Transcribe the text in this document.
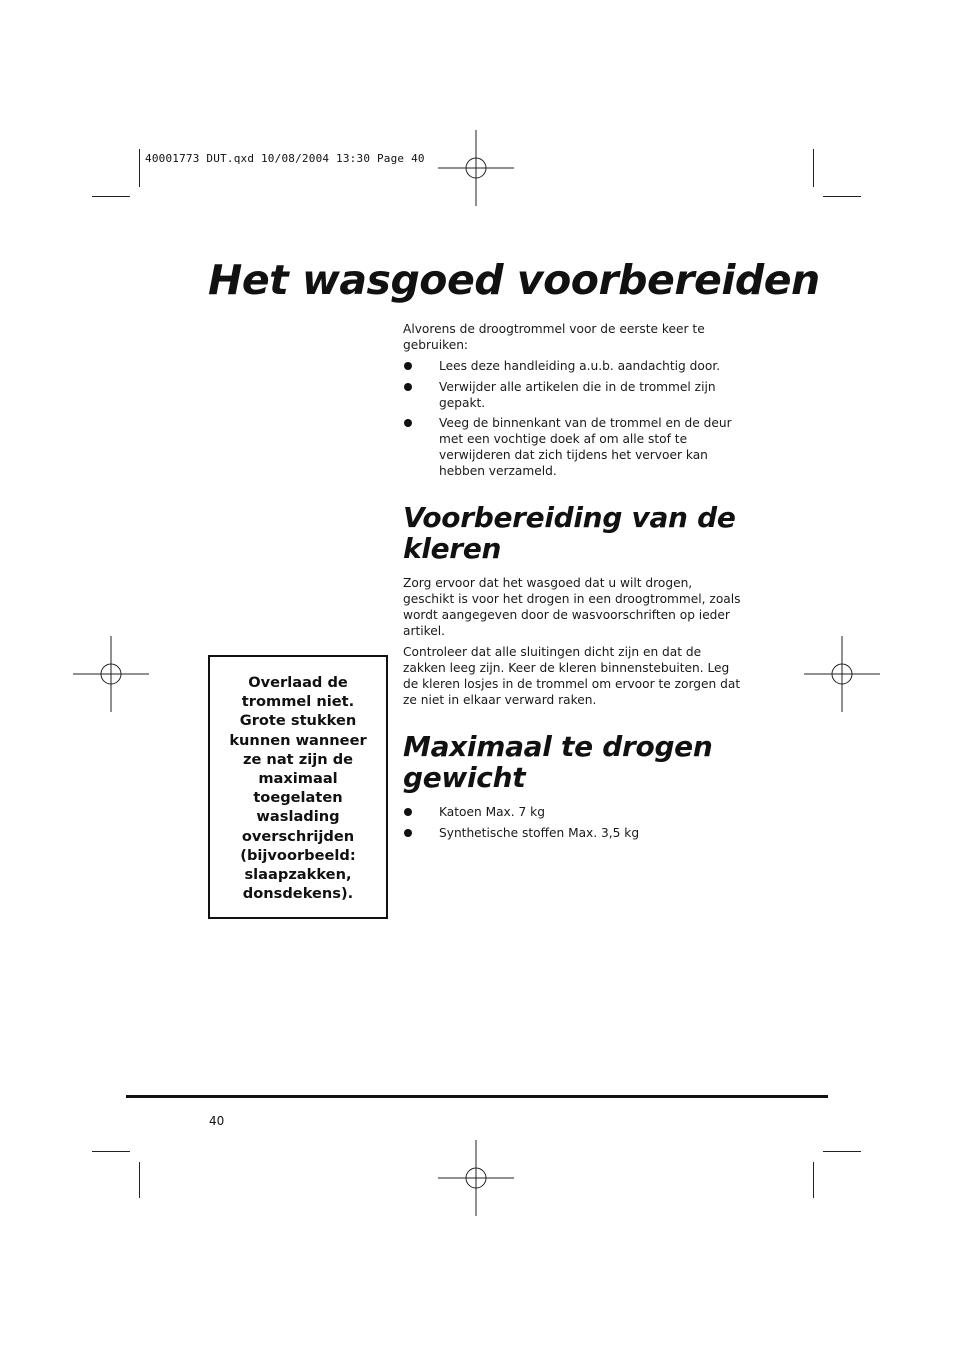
40001773 DUT.qxd 10/08/2004 13:30 Page 40
Het wasgoed voorbereiden

Alvorens de droogtrommel voor de eerste keer te gebruiken:

Lees deze handleiding a.u.b. aandachtig door.
Verwijder alle artikelen die in de trommel zijn gepakt.
Veeg de binnenkant van de trommel en de deur met een vochtige doek af om alle stof te verwijderen dat zich tijdens het vervoer kan hebben verzameld.
Voorbereiding van de kleren

Zorg ervoor dat het wasgoed dat u wilt drogen, geschikt is voor het drogen in een droogtrommel, zoals wordt aangegeven door de wasvoorschriften op ieder artikel.

Controleer dat alle sluitingen dicht zijn en dat de zakken leeg zijn. Keer de kleren binnenstebuiten. Leg de kleren losjes in de trommel om ervoor te zorgen dat ze niet in elkaar verward raken.

Maximaal te drogen gewicht
Katoen Max. 7 kg
Synthetische stoffen Max. 3,5 kg
Overlaad de trommel niet. Grote stukken kunnen wanneer ze nat zijn de maximaal toegelaten waslading overschrijden (bijvoorbeeld: slaapzakken, donsdekens).
40
